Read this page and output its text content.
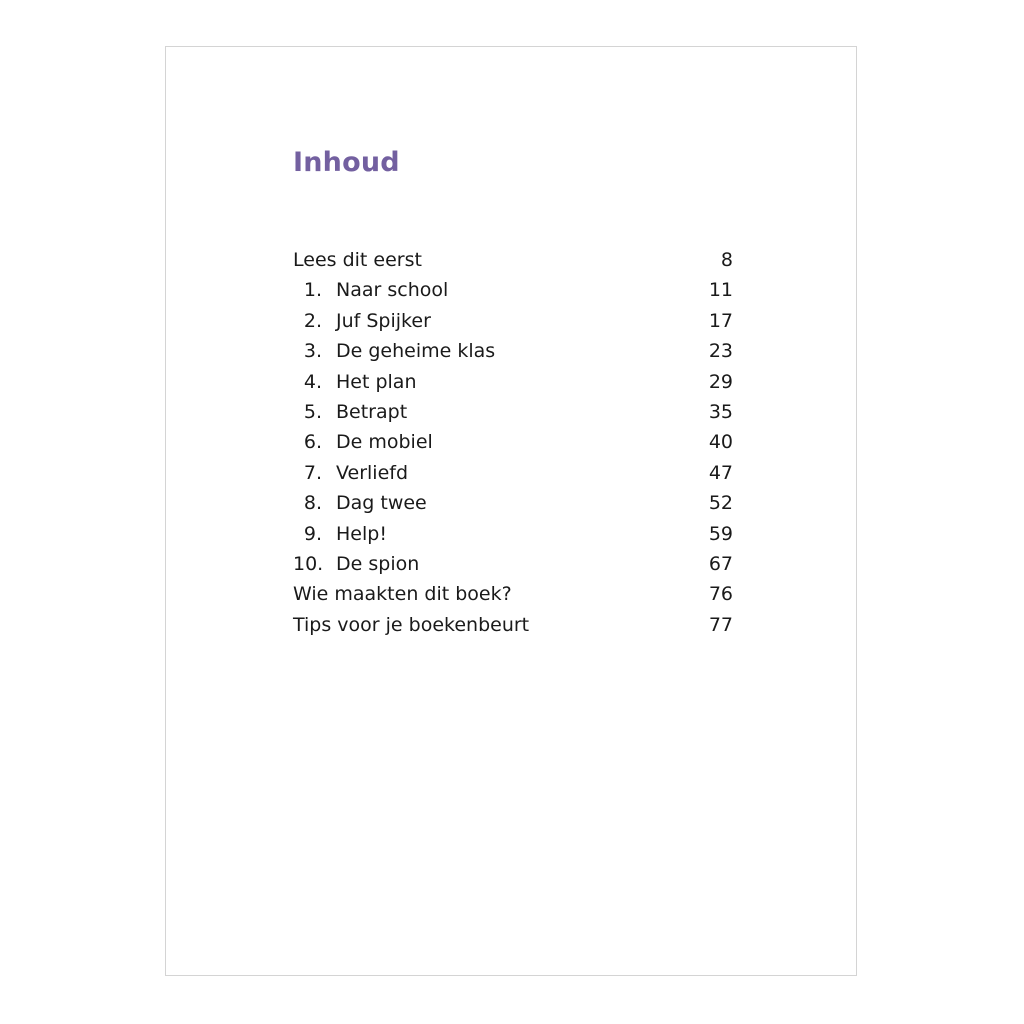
Inhoud
Lees dit eerst	8
1. Naar school	11
2. Juf Spijker	17
3. De geheime klas	23
4. Het plan	29
5. Betrapt	35
6. De mobiel	40
7. Verliefd	47
8. Dag twee	52
9. Help!	59
10. De spion	67
Wie maakten dit boek?	76
Tips voor je boekenbeurt	77
